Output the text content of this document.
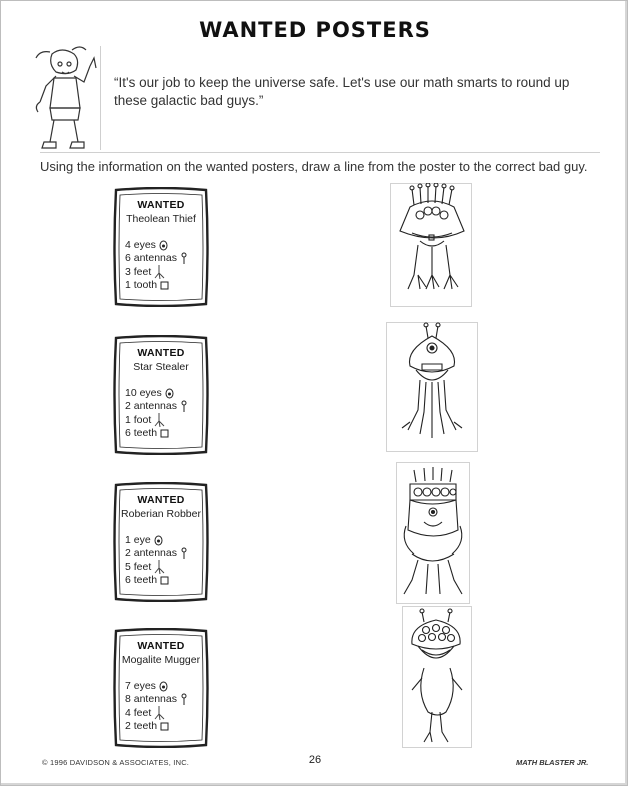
WANTED POSTERS
“It's our job to keep the universe safe. Let's use our math smarts to round up these galactic bad guys.”
Using the information on the wanted posters, draw a line from the poster to the correct bad guy.
WANTED
Theolean Thief
4 eyes
6 antennas
3 feet
1 tooth
WANTED
Star Stealer
10 eyes
2 antennas
1 foot
6 teeth
WANTED
Roberian Robber
1 eye
2 antennas
5 feet
6 teeth
WANTED
Mogalite Mugger
7 eyes
8 antennas
4 feet
2 teeth
© 1996 DAVIDSON & ASSOCIATES, INC.	26	MATH BLASTER JR.
